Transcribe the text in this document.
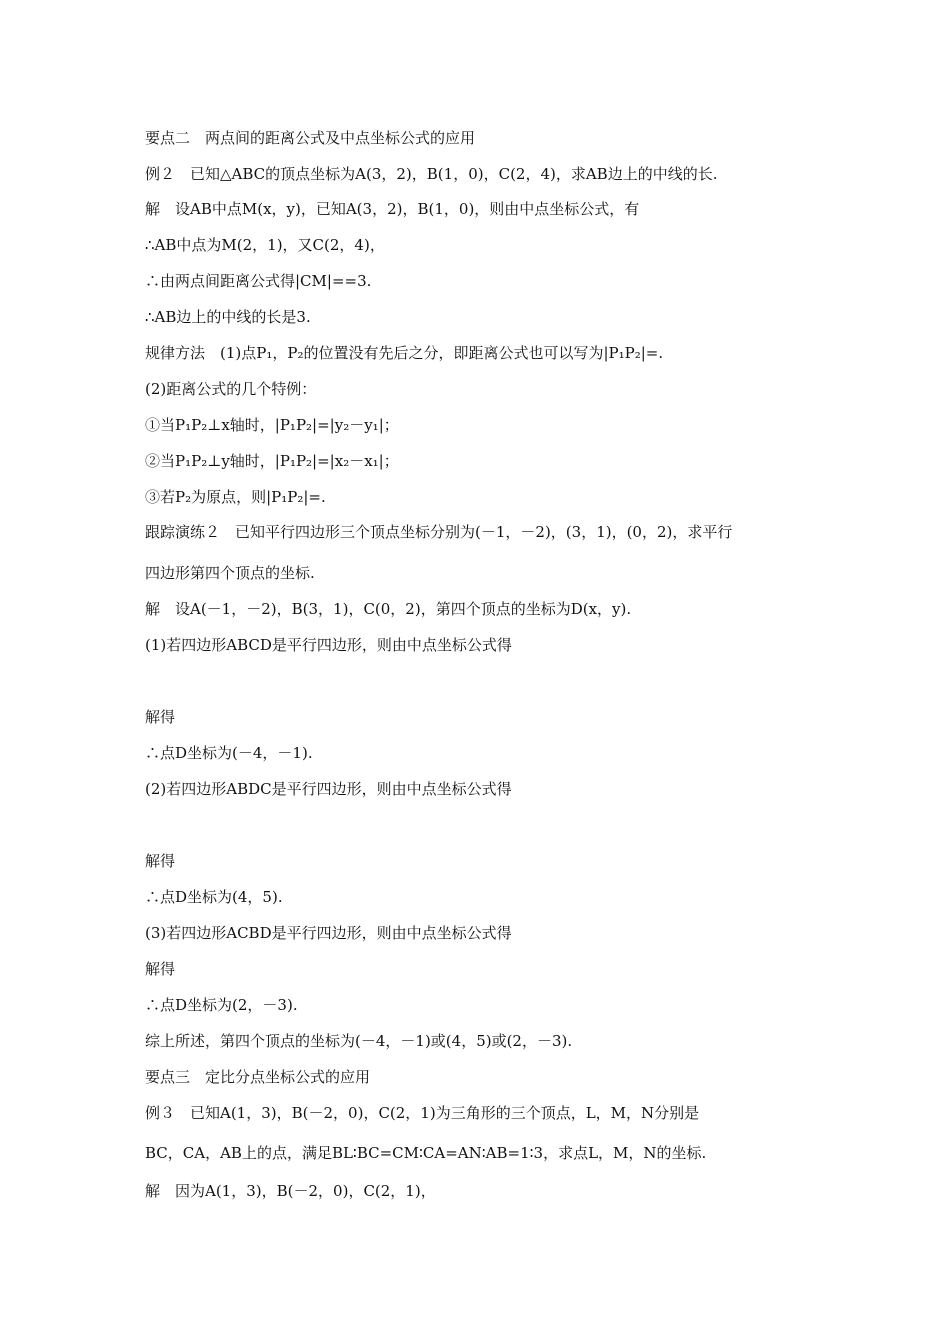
要点二　两点间的距离公式及中点坐标公式的应用
例２　已知△ABC的顶点坐标为A(3，2)，B(1，0)，C(2，4)，求AB边上的中线的长.
解　设AB中点M(x，y)，已知A(3，2)，B(1，0)，则由中点坐标公式，有
∴AB中点为M(2，1)，又C(2，4)，
∴由两点间距离公式得|CM|==3.
∴AB边上的中线的长是3.
规律方法　(1)点P₁，P₂的位置没有先后之分，即距离公式也可以写为|P₁P₂|=.
(2)距离公式的几个特例：
①当P₁P₂⊥x轴时，|P₁P₂|=|y₂－y₁|；
②当P₁P₂⊥y轴时，|P₁P₂|=|x₂－x₁|；
③若P₂为原点，则|P₁P₂|=.
跟踪演练２　已知平行四边形三个顶点坐标分别为(－1，－2)，(3，1)，(0，2)，求平行
四边形第四个顶点的坐标.
解　设A(－1，－2)，B(3，1)，C(0，2)，第四个顶点的坐标为D(x，y).
(1)若四边形ABCD是平行四边形，则由中点坐标公式得
解得
∴点D坐标为(－4，－1).
(2)若四边形ABDC是平行四边形，则由中点坐标公式得
解得
∴点D坐标为(4，5).
(3)若四边形ACBD是平行四边形，则由中点坐标公式得
解得
∴点D坐标为(2，－3).
综上所述，第四个顶点的坐标为(－4，－1)或(4，5)或(2，－3).
要点三　定比分点坐标公式的应用
例３　已知A(1，3)，B(－2，0)，C(2，1)为三角形的三个顶点，L，M，N分别是
BC，CA，AB上的点，满足BL∶BC=CM∶CA=AN∶AB=1∶3，求点L，M，N的坐标.
解　因为A(1，3)，B(－2，0)，C(2，1)，
